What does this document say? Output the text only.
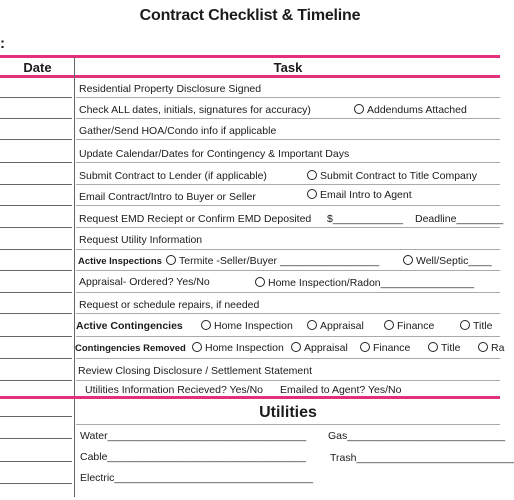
Contract Checklist & Timeline
:
Date	Task
Residential Property Disclosure Signed
Check ALL dates, initials, signatures for accuracy)	Addendums Attached
Gather/Send HOA/Condo info if applicable
Update Calendar/Dates for Contingency & Important Days
Submit Contract to Lender (if applicable)	Submit Contract to Title Company
Email Contract/Intro to Buyer or Seller	Email Intro to Agent
Request EMD Reciept or Confirm EMD Deposited $____________ Deadline________
Request Utility Information
Active Inspections	Termite -Seller/Buyer _________________	Well/Septic____
Appraisal- Ordered? Yes/No	Home Inspection/Radon________________
Request or schedule repairs, if needed
Active Contingencies	Home Inspection	Appraisal	Finance	Title
Contingencies Removed	Home Inspection	Appraisal	Finance	Title	Ra
Review Closing Disclosure / Settlement Statement
Utilities Information Recieved? Yes/No Emailed to Agent? Yes/No
Utilities
Water__________________________________ Gas___________________________
Cable__________________________________ Trash___________________________
Electric__________________________________
